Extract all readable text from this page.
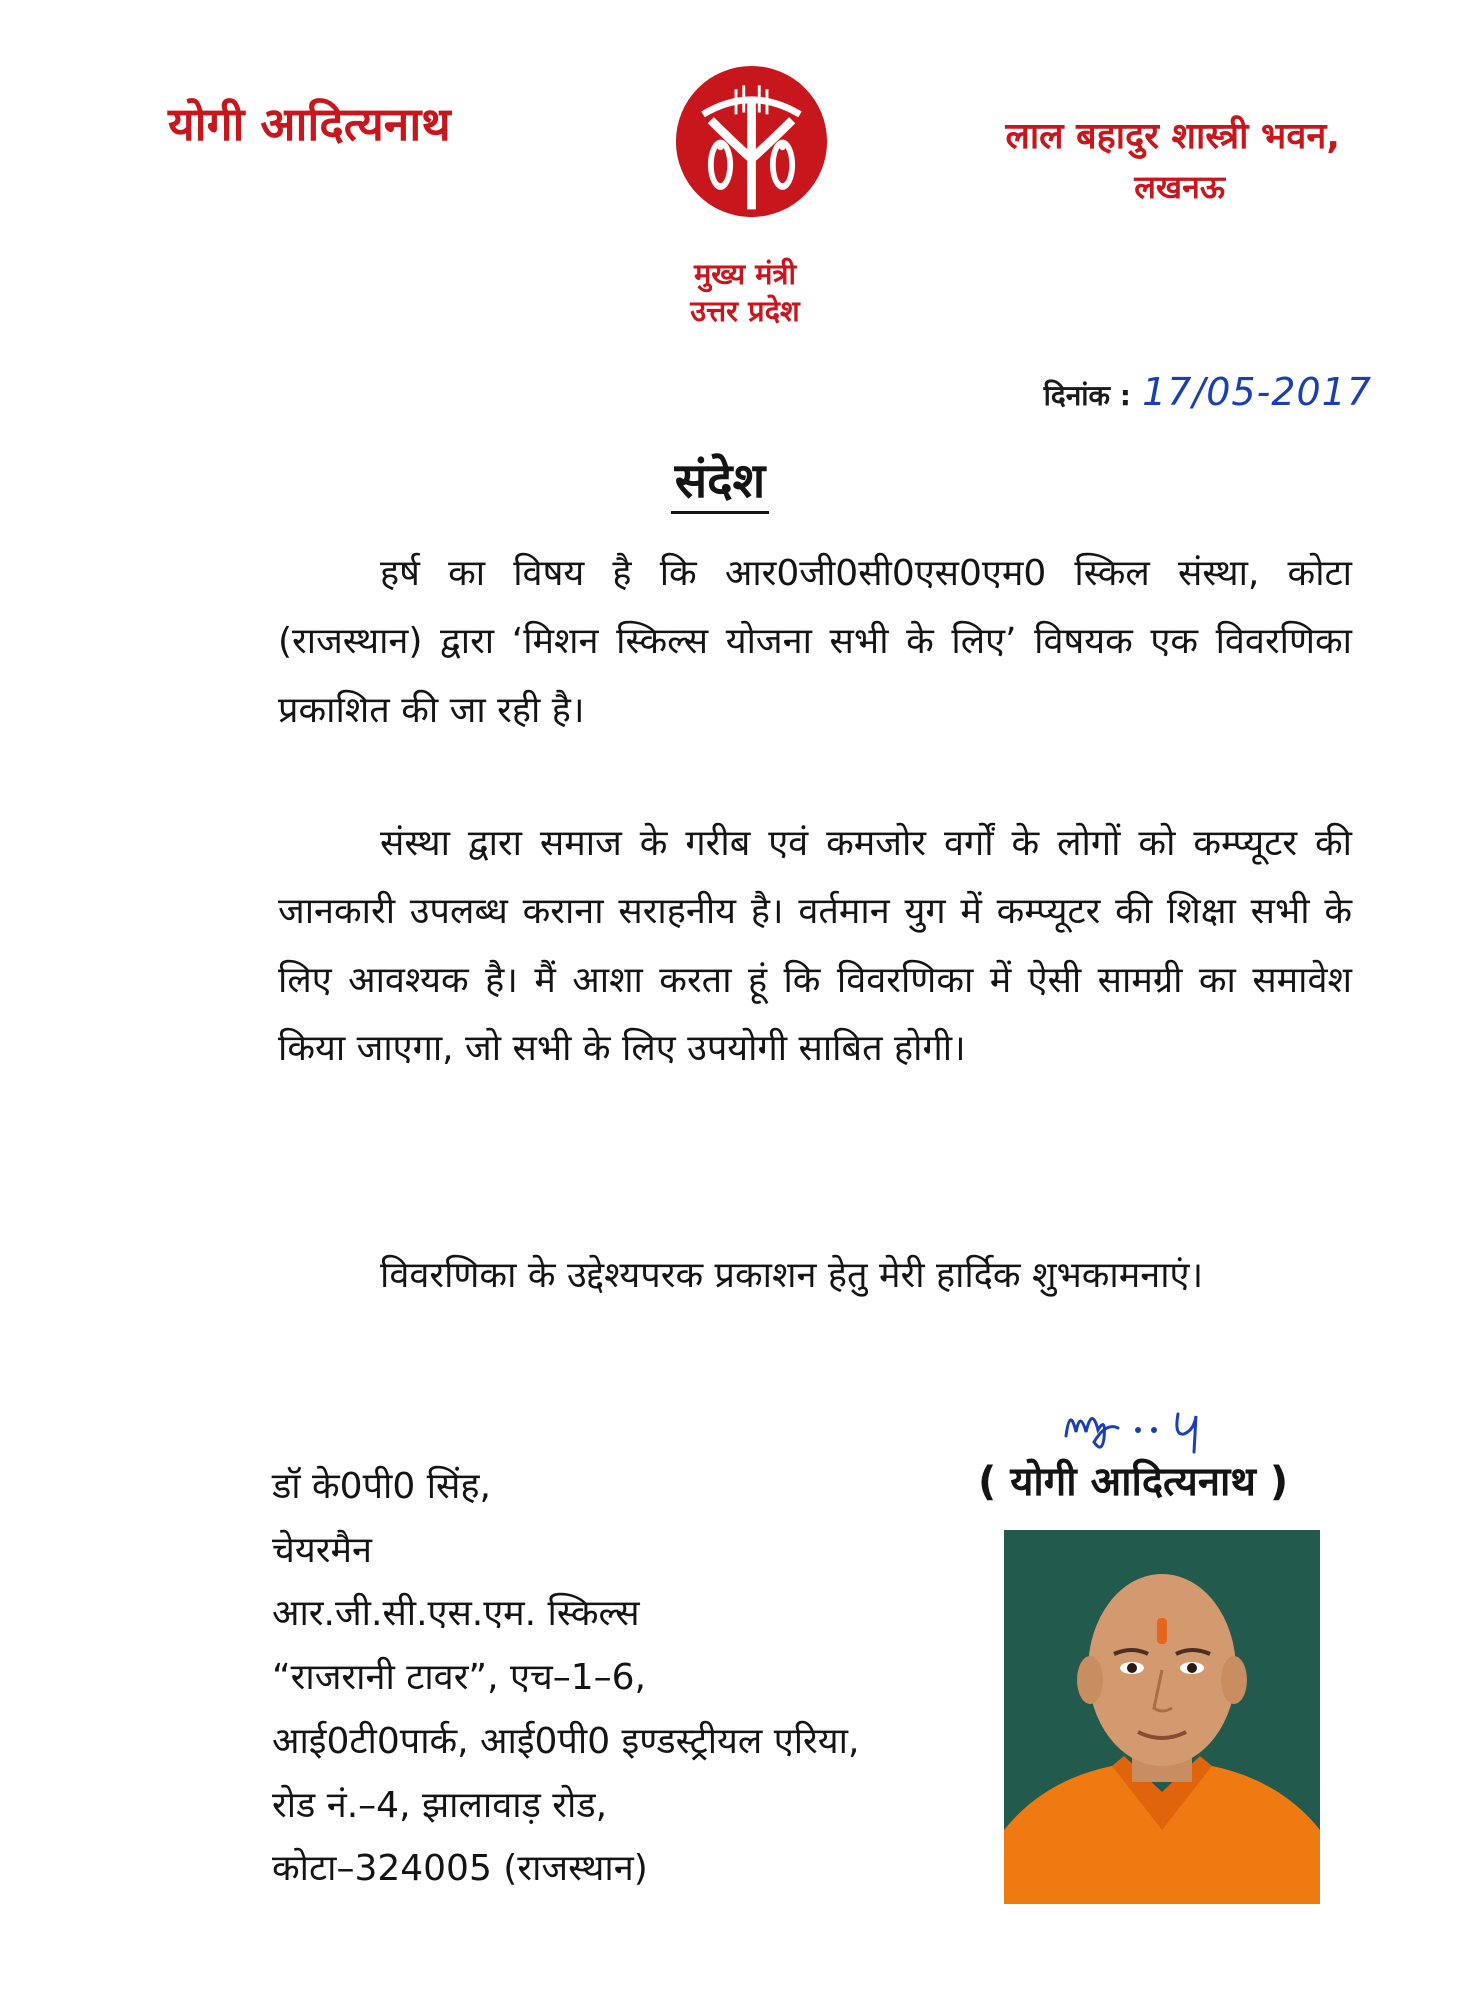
योगी आदित्यनाथ
मुख्य मंत्री
उत्तर प्रदेश
लाल बहादुर शास्त्री भवन,
लखनऊ
दिनांक : 17/05-2017
संदेश
हर्ष का विषय है कि आर0जी0सी0एस0एम0 स्किल संस्था, कोटा (राजस्थान) द्वारा ‘मिशन स्किल्स योजना सभी के लिए’ विषयक एक विवरणिका प्रकाशित की जा रही है।
संस्था द्वारा समाज के गरीब एवं कमजोर वर्गों के लोगों को कम्प्यूटर की जानकारी उपलब्ध कराना सराहनीय है। वर्तमान युग में कम्प्यूटर की शिक्षा सभी के लिए आवश्यक है। मैं आशा करता हूं कि विवरणिका में ऐसी सामग्री का समावेश किया जाएगा, जो सभी के लिए उपयोगी साबित होगी।
विवरणिका के उद्देश्यपरक प्रकाशन हेतु मेरी हार्दिक शुभकामनाएं।
( योगी आदित्यनाथ )
डॉ के0पी0 सिंह,
चेयरमैन
आर.जी.सी.एस.एम. स्किल्स
“राजरानी टावर”, एच–1–6,
आई0टी0पार्क, आई0पी0 इण्डस्ट्रीयल एरिया,
रोड नं.–4, झालावाड़ रोड,
कोटा–324005 (राजस्थान)
